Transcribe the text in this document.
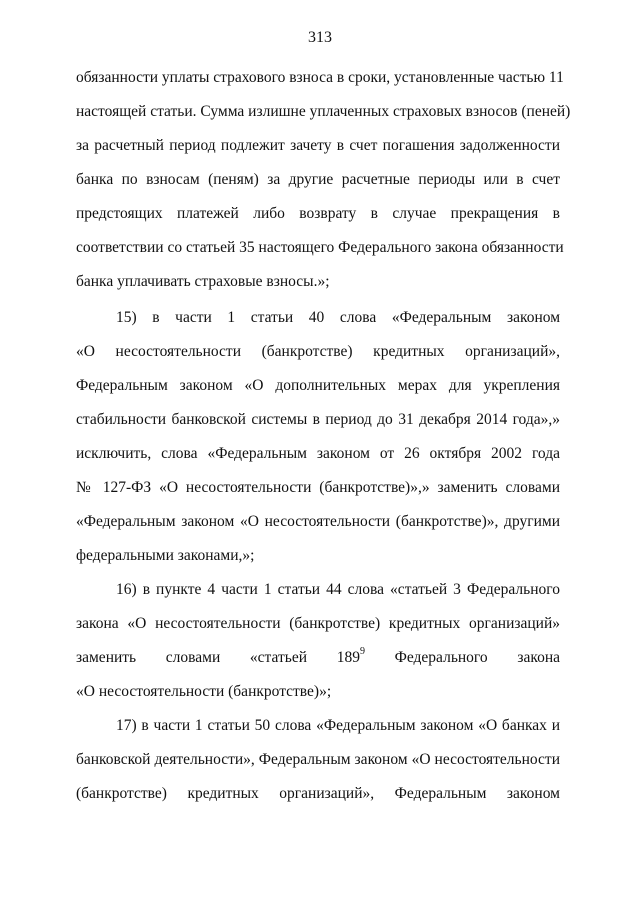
313
обязанности уплаты страхового взноса в сроки, установленные частью 11
настоящей статьи. Сумма излишне уплаченных страховых взносов (пеней)
за расчетный период подлежит зачету в счет погашения задолженности
банка по взносам (пеням) за другие расчетные периоды или в счет
предстоящих платежей либо возврату в случае прекращения в
соответствии со статьей 35 настоящего Федерального закона обязанности
банка уплачивать страховые взносы.»;
15) в части 1 статьи 40 слова «Федеральным законом
«О несостоятельности (банкротстве) кредитных организаций»,
Федеральным законом «О дополнительных мерах для укрепления
стабильности банковской системы в период до 31 декабря 2014 года»,»
исключить, слова «Федеральным законом от 26 октября 2002 года
№ 127-ФЗ «О несостоятельности (банкротстве)»,» заменить словами
«Федеральным законом «О несостоятельности (банкротстве)», другими
федеральными законами,»;
16) в пункте 4 части 1 статьи 44 слова «статьей 3 Федерального
закона «О несостоятельности (банкротстве) кредитных организаций»
заменить словами «статьей $189^9$ Федерального закона
«О несостоятельности (банкротстве)»;
17) в части 1 статьи 50 слова «Федеральным законом «О банках и
банковской деятельности», Федеральным законом «О несостоятельности
(банкротстве) кредитных организаций», Федеральным законом
